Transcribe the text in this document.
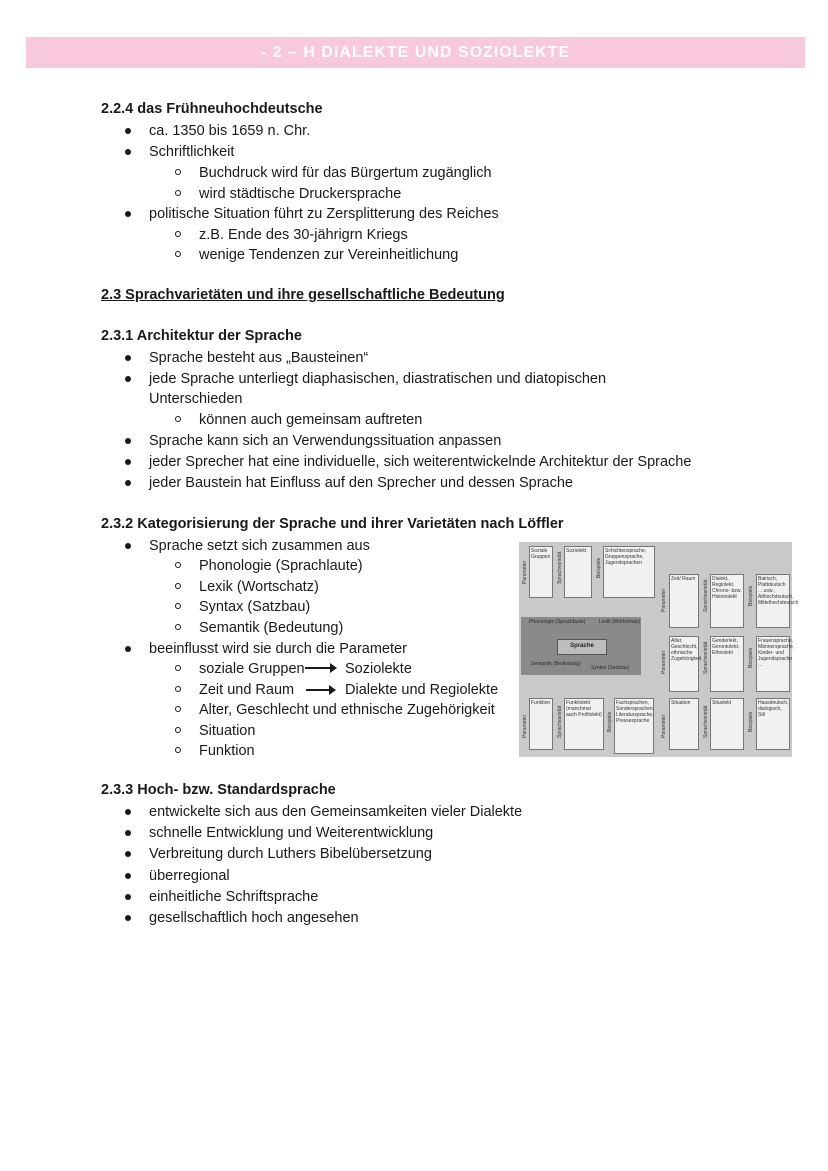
- 2 – H DIALEKTE UND SOZIOLEKTE
2.2.4 das Frühneuhochdeutsche
ca. 1350 bis 1659 n. Chr.
Schriftlichkeit
Buchdruck wird für das Bürgertum zugänglich
wird städtische Druckersprache
politische Situation führt zu Zersplitterung des Reiches
z.B. Ende des 30-jährigrn Kriegs
wenige Tendenzen zur Vereinheitlichung
2.3 Sprachvarietäten und ihre gesellschaftliche Bedeutung
2.3.1 Architektur der Sprache
Sprache besteht aus „Bausteinen“
jede Sprache unterliegt diaphasischen, diastratischen und diatopischen
Unterschieden
können auch gemeinsam auftreten
Sprache kann sich an Verwendungssituation anpassen
jeder Sprecher hat eine individuelle, sich weiterentwickelnde Architektur der Sprache
jeder Baustein hat Einfluss auf den Sprecher und dessen Sprache
2.3.2 Kategorisierung der Sprache und ihrer Varietäten nach Löffler
Sprache setzt sich zusammen aus
Phonologie (Sprachlaute)
Lexik (Wortschatz)
Syntax (Satzbau)
Semantik (Bedeutung)
beeinflusst wird sie durch die Parameter
soziale Gruppen	Soziolekte
Zeit und Raum	Dialekte und Regiolekte
Alter, Geschlecht und ethnische Zugehörigkeit
Situation
Funktion
Parameter
Soziale Gruppen	Sprachvarietät
Soziolekt
Beispiele
Schichtensprache, Gruppensprache, Jugendsprachen
Parameter
Zeit/ Raum
Sprachvarietät
Dialekt, Regiolekt, Chrono- bzw. Historiolekt	Beispiele
Bairisch, Plattdeutsch ... usw., Althochdeutsch, Mittelhochdeutsch
Phonologie (Sprachlaute)	Lexik (Wortschatz)
Sprache
Semantik (Bedeutung)
Syntax (Satzbau)	Parameter
Alter, Geschlecht, ethnische Zugehörigkeit Sprachvarietät
Genderlekt, Gerontolekt, Ethnolekt	Beispiele
Frauensprache, Männersprache, Kinder- und Jugendsprache ...
Parameter
Funktion
Sprachvarietät
Funktiolekt (manchmal auch Profilolekt)	Beispiele
Fachsprachen, Sondersprachen, Literatursprache, Pressesprache	Parameter
Situation
Sprachvarietät
Situolekt
Beispiele
Hausdeutsch, dialogisch, Stil
2.3.3 Hoch- bzw. Standardsprache
entwickelte sich aus den Gemeinsamkeiten vieler Dialekte
schnelle Entwicklung und Weiterentwicklung
Verbreitung durch Luthers Bibelübersetzung
überregional
einheitliche Schriftsprache
gesellschaftlich hoch angesehen
